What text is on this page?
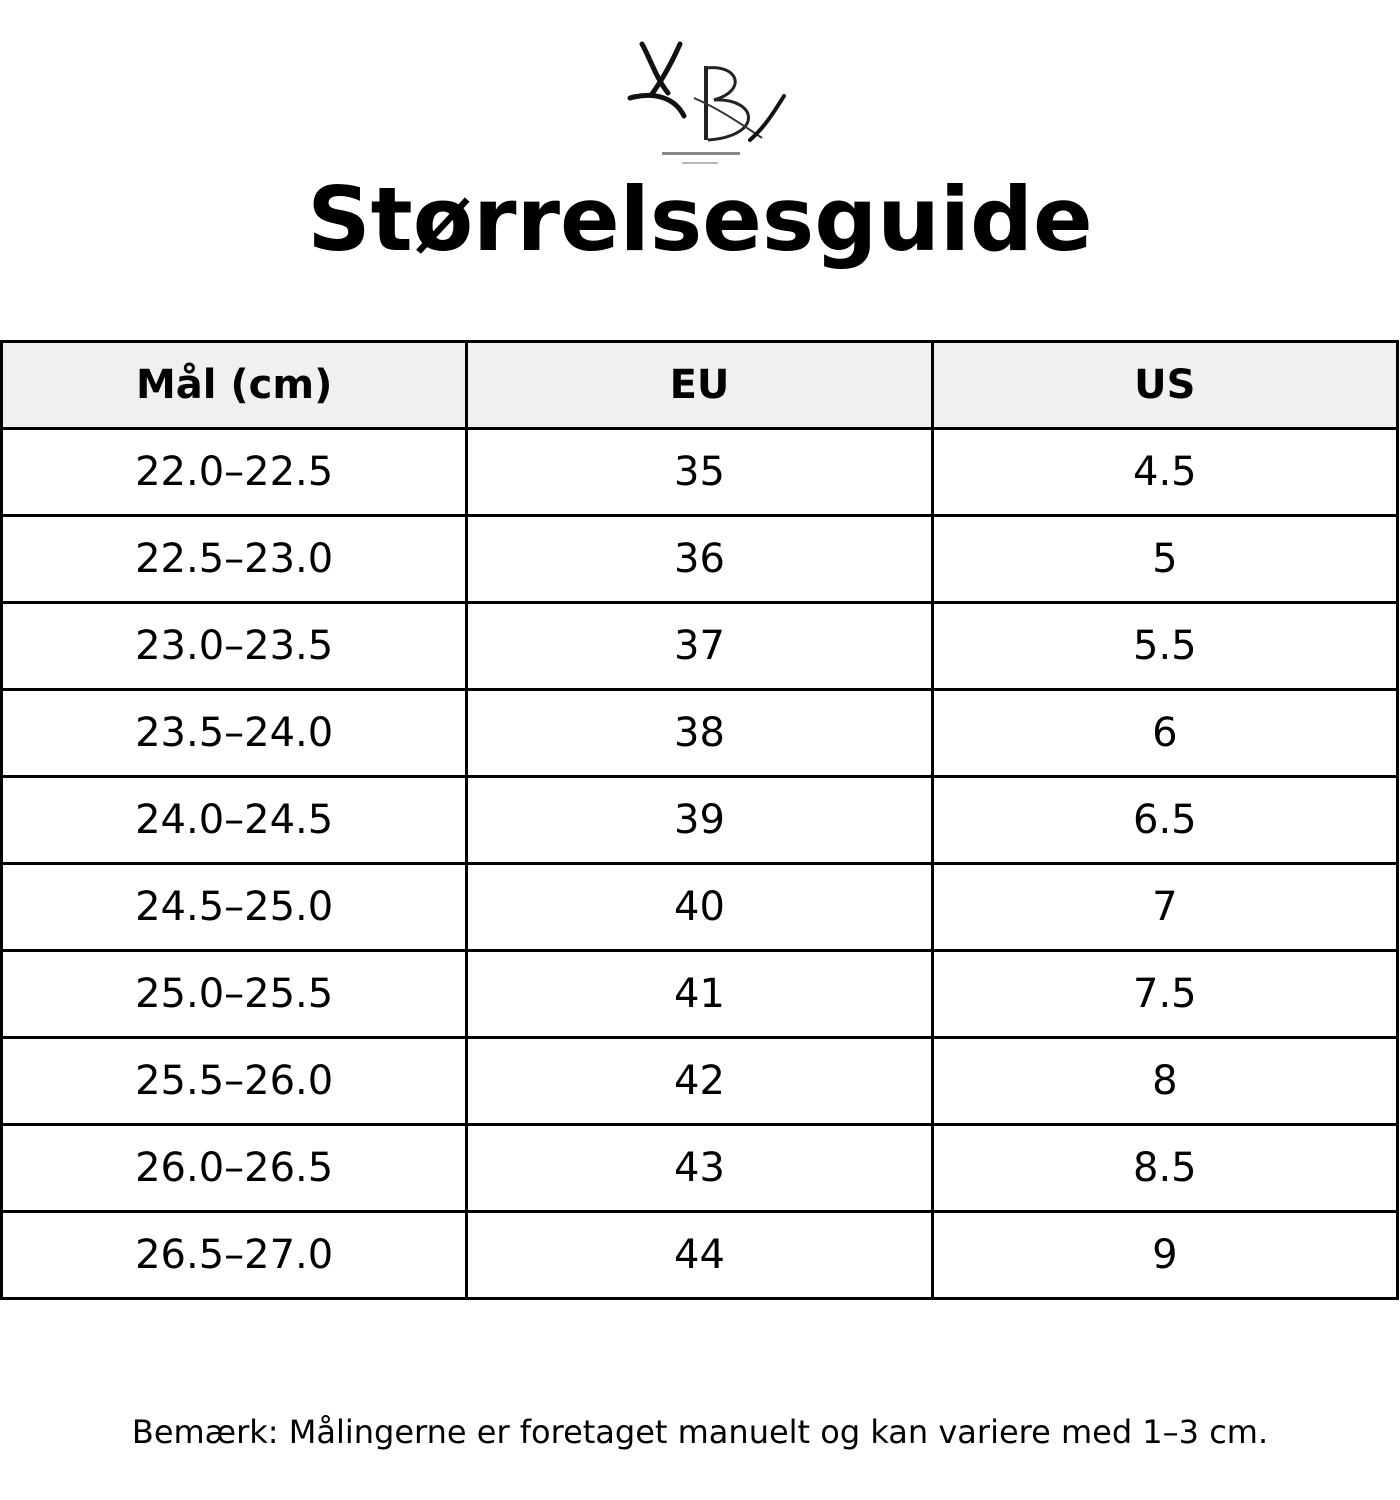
Størrelsesguide
Mål (cm)	EU	US
22.0–22.5	35	4.5
22.5–23.0	36	5
23.0–23.5	37	5.5
23.5–24.0	38	6
24.0–24.5	39	6.5
24.5–25.0	40	7
25.0–25.5	41	7.5
25.5–26.0	42	8
26.0–26.5	43	8.5
26.5–27.0	44	9

Bemærk: Målingerne er foretaget manuelt og kan variere med 1–3 cm.
